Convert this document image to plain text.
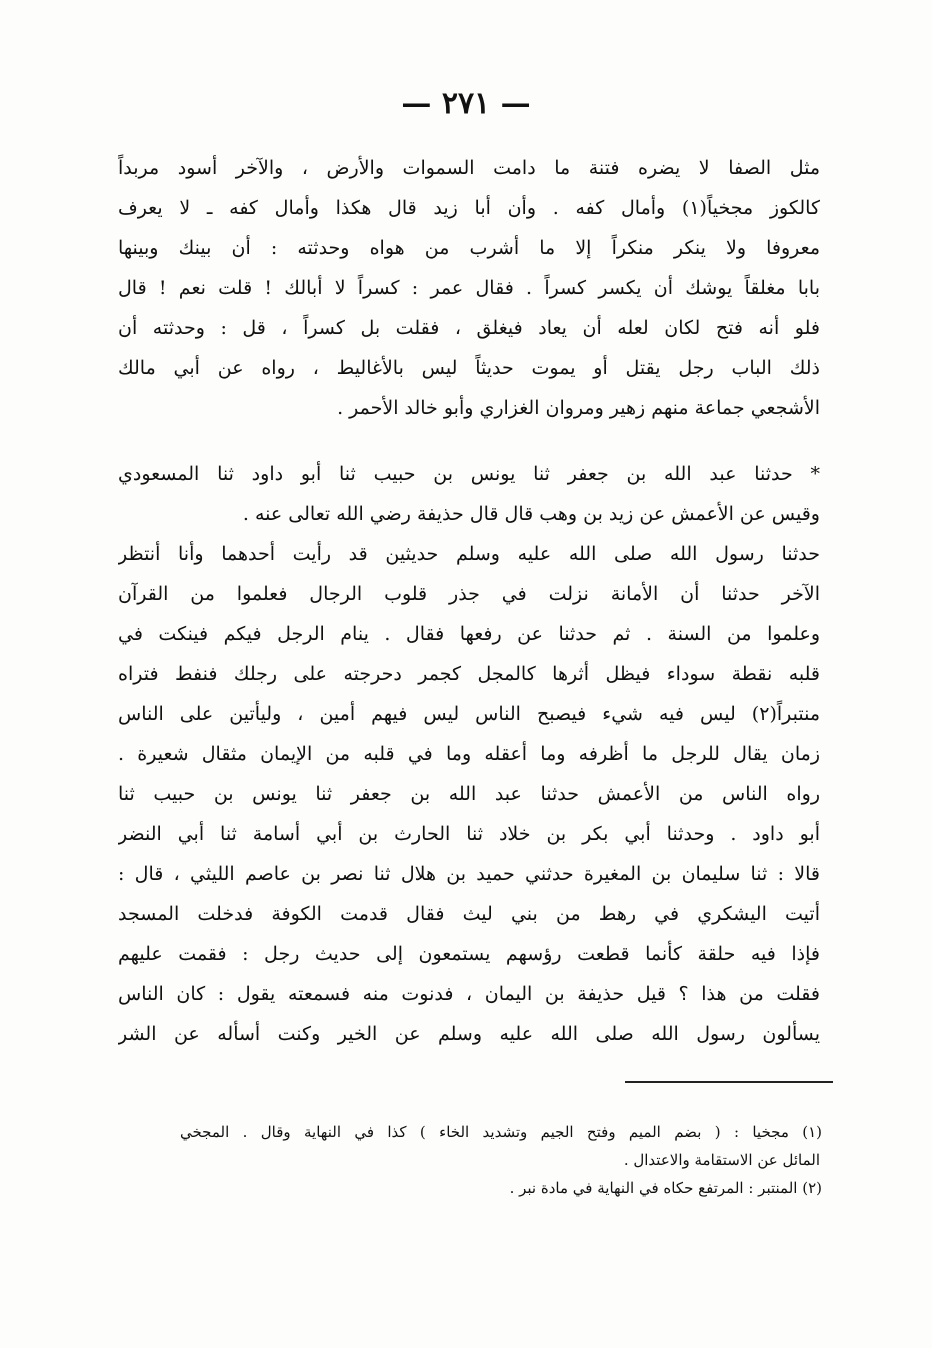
— ٢٧١ —
مثل الصفا لا يضره فتنة ما دامت السموات والأرض ، والآخر أسود مربداً
كالكوز مجخياً(١) وأمال كفه . وأن أبا زيد قال هكذا وأمال كفه ـ لا يعرف
معروفا ولا ينكر منكراً إلا ما أشرب من هواه وحدثته : أن بينك وبينها
بابا مغلقاً يوشك أن يكسر كسراً . فقال عمر : كسراً لا أبالك ! قلت نعم ! قال
فلو أنه فتح لكان لعله أن يعاد فيغلق ، فقلت بل كسراً ، قل : وحدثته أن
ذلك الباب رجل يقتل أو يموت حديثاً ليس بالأغاليط ، رواه عن أبي مالك
الأشجعي جماعة منهم زهير ومروان الغزاري وأبو خالد الأحمر .
* حدثنا عبد الله بن جعفر ثنا يونس بن حبيب ثنا أبو داود ثنا المسعودي
وقيس عن الأعمش عن زيد بن وهب قال قال حذيفة رضي الله تعالى عنه .
حدثنا رسول الله صلى الله عليه وسلم حديثين قد رأيت أحدهما وأنا أنتظر
الآخر حدثنا أن الأمانة نزلت في جذر قلوب الرجال فعلموا من القرآن
وعلموا من السنة . ثم حدثنا عن رفعها فقال . ينام الرجل فيكم فينكت في
قلبه نقطة سوداء فيظل أثرها كالمجل كجمر دحرجته على رجلك فنفط فتراه
منتبراً(٢) ليس فيه شيء فيصبح الناس ليس فيهم أمين ، وليأتين على الناس
زمان يقال للرجل ما أظرفه وما أعقله وما في قلبه من الإيمان مثقال شعيرة .
رواه الناس من الأعمش حدثنا عبد الله بن جعفر ثنا يونس بن حبيب ثنا
أبو داود . وحدثنا أبي بكر بن خلاد ثنا الحارث بن أبي أسامة ثنا أبي النضر
قالا : ثنا سليمان بن المغيرة حدثني حميد بن هلال ثنا نصر بن عاصم الليثي ، قال :
أتيت اليشكري في رهط من بني ليث فقال قدمت الكوفة فدخلت المسجد
فإذا فيه حلقة كأنما قطعت رؤسهم يستمعون إلى حديث رجل : فقمت عليهم
فقلت من هذا ؟ قيل حذيفة بن اليمان ، فدنوت منه فسمعته يقول : كان الناس
يسألون رسول الله صلى الله عليه وسلم عن الخير وكنت أسأله عن الشر
(١) مجخيا : ( بضم الميم وفتح الجيم وتشديد الخاء ) كذا في النهاية وقال . المجخي
المائل عن الاستقامة والاعتدال .
(٢) المنتبر : المرتفع حكاه في النهاية في مادة نبر .
